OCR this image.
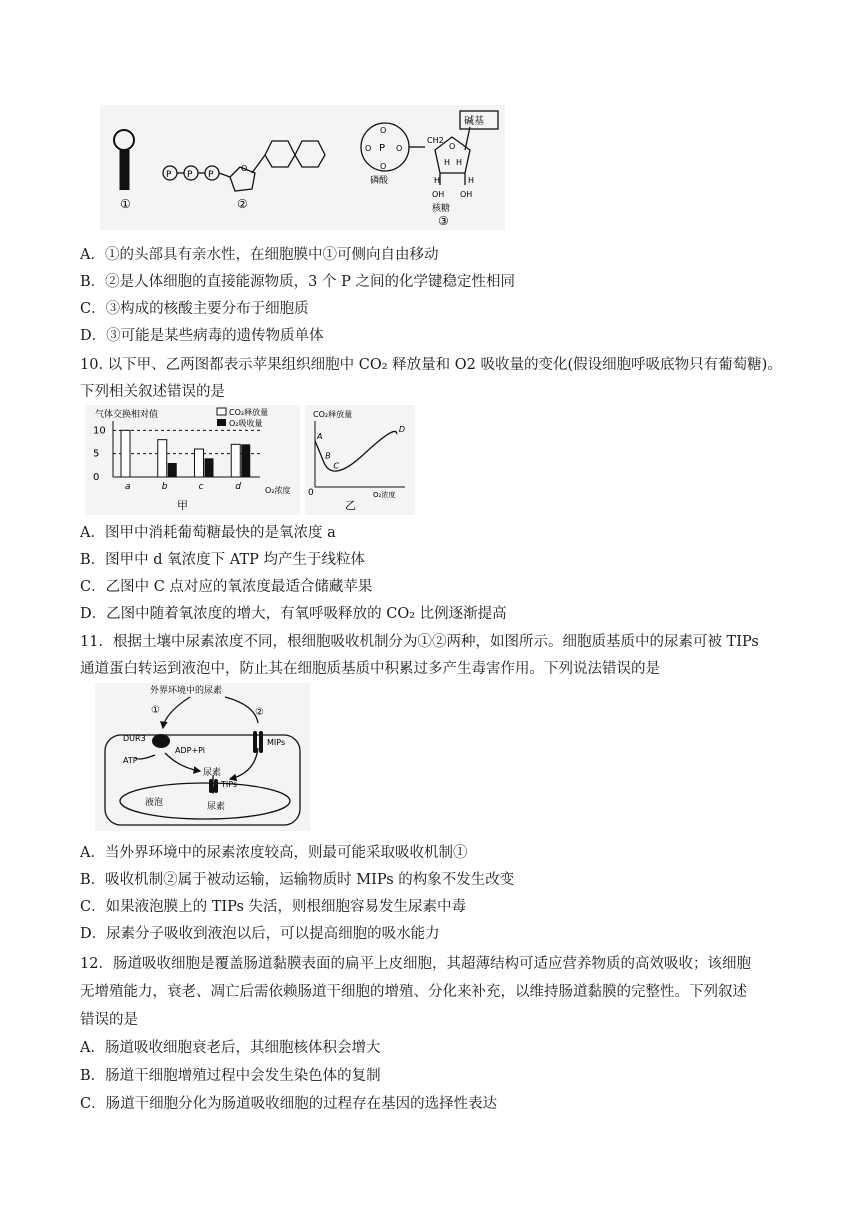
①
P P P
O
②
P
O
O
O	O
磷酸
CH2
O
碱基
H H
H	H
OH OH
核糖
③
A．①的头部具有亲水性，在细胞膜中①可侧向自由移动
B．②是人体细胞的直接能源物质，3 个 P 之间的化学键稳定性相同
C．③构成的核酸主要分布于细胞质
D．③可能是某些病毒的遗传物质单体
10. 以下甲、乙两图都表示苹果组织细胞中 CO₂ 释放量和 O2 吸收量的变化(假设细胞呼吸底物只有葡萄糖)。
下列相关叙述错误的是
气体交换相对值
O₂浓度
甲
CO₂释放量
O₂吸收量
10
5
0
a	b	c	d
CO₂释放量
O₂浓度
0
乙
A
B
C
D
A．图甲中消耗葡萄糖最快的是氧浓度 a
B．图甲中 d 氧浓度下 ATP 均产生于线粒体
C．乙图中 C 点对应的氧浓度最适合储藏苹果
D．乙图中随着氧浓度的增大，有氧呼吸释放的 CO₂ 比例逐渐提高
11．根据土壤中尿素浓度不同，根细胞吸收机制分为①②两种，如图所示。细胞质基质中的尿素可被 TIPs
通道蛋白转运到液泡中，防止其在细胞质基质中积累过多产生毒害作用。下列说法错误的是
外界环境中的尿素
①	②
DUR3
ADP+Pi
ATP
MIPs
尿素
TIPs
液泡	尿素
A．当外界环境中的尿素浓度较高，则最可能采取吸收机制①
B．吸收机制②属于被动运输，运输物质时 MIPs 的构象不发生改变
C．如果液泡膜上的 TIPs 失活，则根细胞容易发生尿素中毒
D．尿素分子吸收到液泡以后，可以提高细胞的吸水能力
12．肠道吸收细胞是覆盖肠道黏膜表面的扁平上皮细胞，其超薄结构可适应营养物质的高效吸收；该细胞
无增殖能力，衰老、凋亡后需依赖肠道干细胞的增殖、分化来补充，以维持肠道黏膜的完整性。下列叙述
错误的是
A．肠道吸收细胞衰老后，其细胞核体积会增大
B．肠道干细胞增殖过程中会发生染色体的复制
C．肠道干细胞分化为肠道吸收细胞的过程存在基因的选择性表达
